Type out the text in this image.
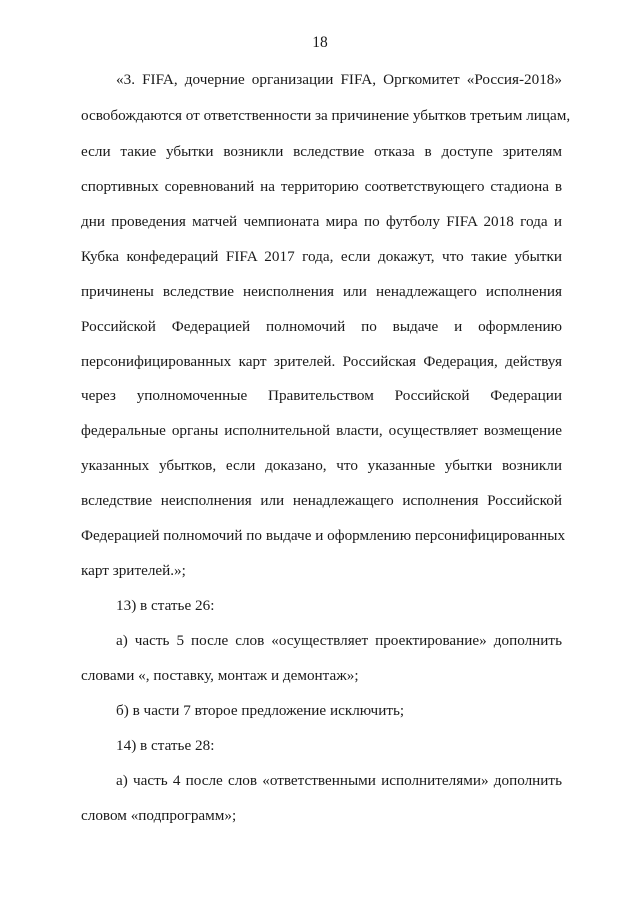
18
«3. FIFA, дочерние организации FIFA, Оргкомитет «Россия-2018»
освобождаются от ответственности за причинение убытков третьим лицам,
если такие убытки возникли вследствие отказа в доступе зрителям
спортивных соревнований на территорию соответствующего стадиона в
дни проведения матчей чемпионата мира по футболу FIFA 2018 года и
Кубка конфедераций FIFA 2017 года, если докажут, что такие убытки
причинены вследствие неисполнения или ненадлежащего исполнения
Российской Федерацией полномочий по выдаче и оформлению
персонифицированных карт зрителей. Российская Федерация, действуя
через уполномоченные Правительством Российской Федерации
федеральные органы исполнительной власти, осуществляет возмещение
указанных убытков, если доказано, что указанные убытки возникли
вследствие неисполнения или ненадлежащего исполнения Российской
Федерацией полномочий по выдаче и оформлению персонифицированных
карт зрителей.»;
13) в статье 26:
а) часть 5 после слов «осуществляет проектирование» дополнить
словами «, поставку, монтаж и демонтаж»;
б) в части 7 второе предложение исключить;
14) в статье 28:
а) часть 4 после слов «ответственными исполнителями» дополнить
словом «подпрограмм»;
